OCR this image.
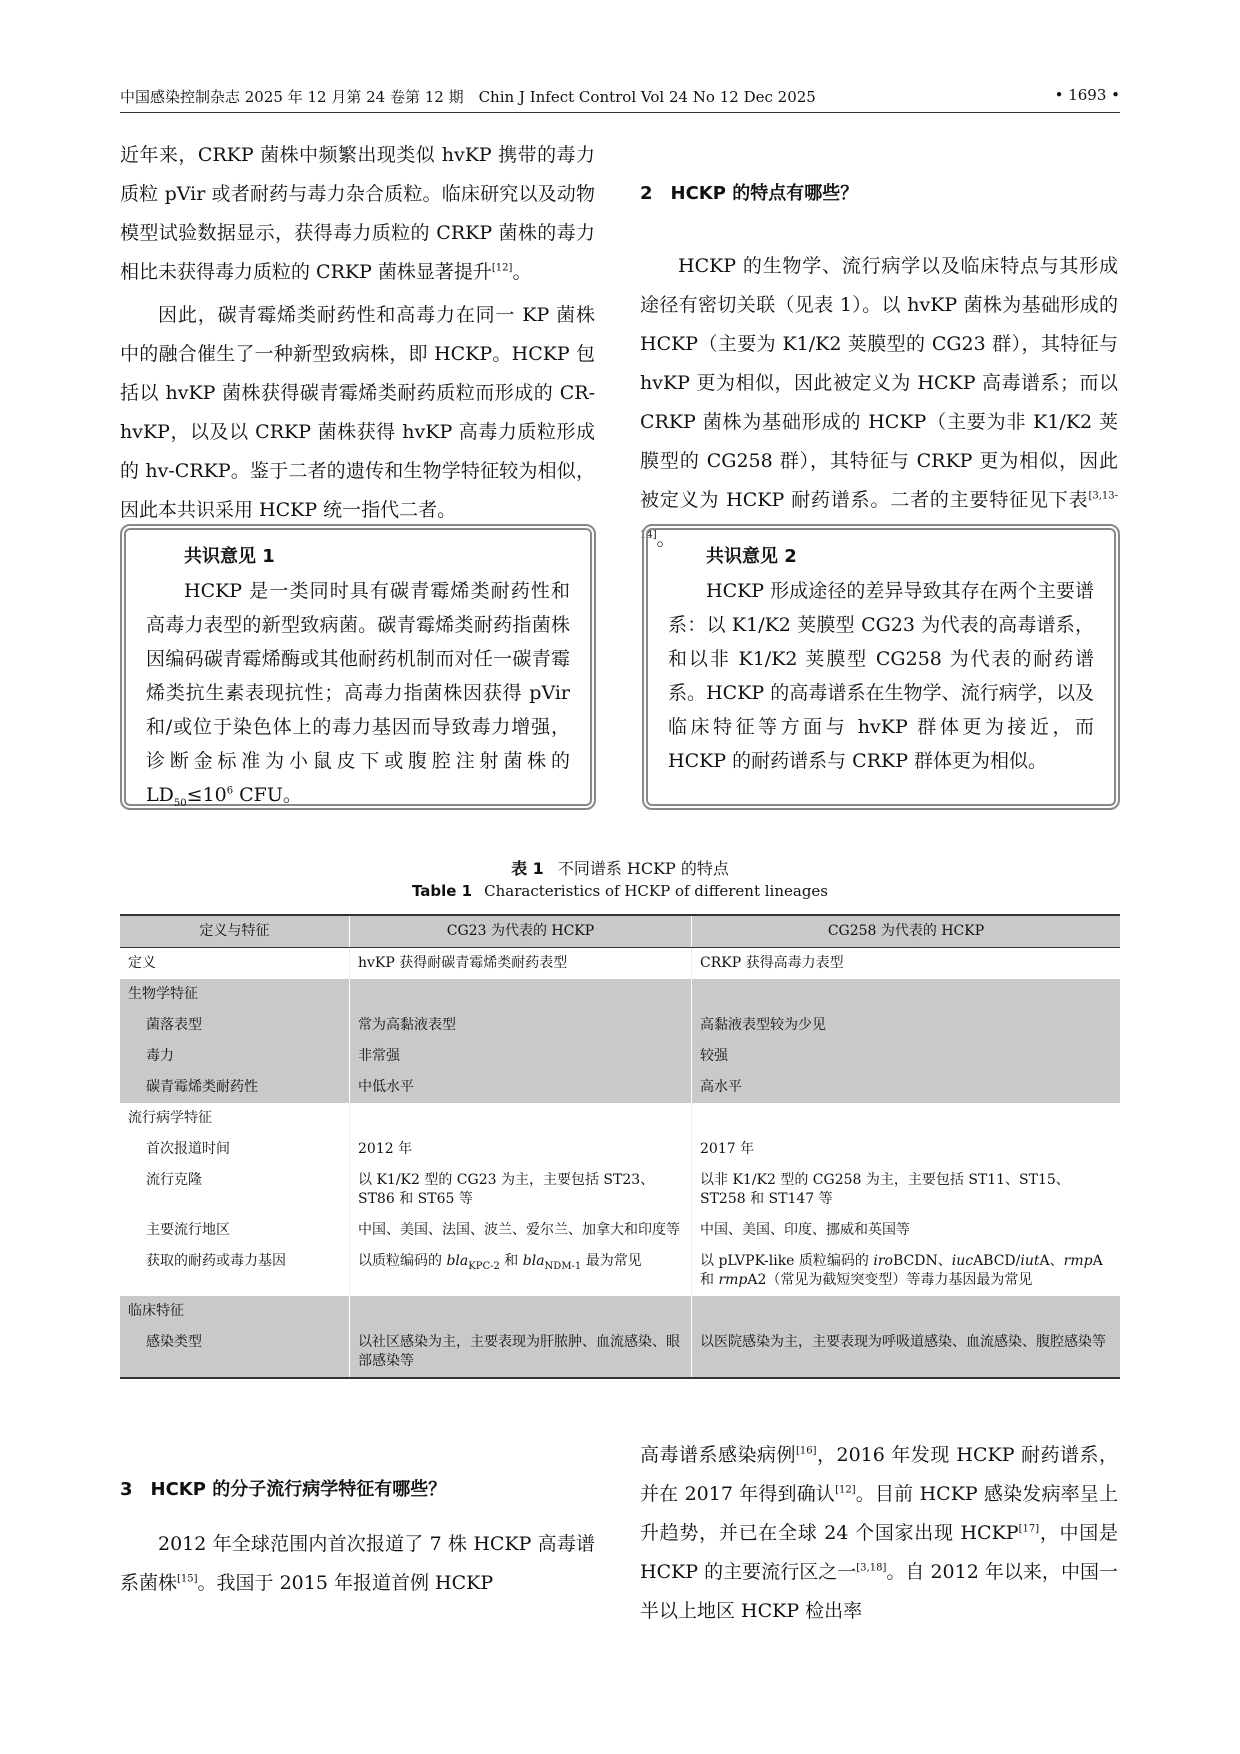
中国感染控制杂志 2025 年 12 月第 24 卷第 12 期　Chin J Infect Control Vol 24 No 12 Dec 2025	• 1693 •

近年来，CRKP 菌株中频繁出现类似 hvKP 携带的毒力质粒 pVir 或者耐药与毒力杂合质粒。临床研究以及动物模型试验数据显示，获得毒力质粒的 CRKP 菌株的毒力相比未获得毒力质粒的 CRKP 菌株显著提升[12]。

因此，碳青霉烯类耐药性和高毒力在同一 KP 菌株中的融合催生了一种新型致病株，即 HCKP。HCKP 包括以 hvKP 菌株获得碳青霉烯类耐药质粒而形成的 CR-hvKP，以及以 CRKP 菌株获得 hvKP 高毒力质粒形成的 hv-CRKP。鉴于二者的遗传和生物学特征较为相似，因此本共识采用 HCKP 统一指代二者。

共识意见 1

HCKP 是一类同时具有碳青霉烯类耐药性和高毒力表型的新型致病菌。碳青霉烯类耐药指菌株因编码碳青霉烯酶或其他耐药机制而对任一碳青霉烯类抗生素表现抗性；高毒力指菌株因获得 pVir 和/或位于染色体上的毒力基因而导致毒力增强，诊断金标准为小鼠皮下或腹腔注射菌株的 $LD_{50}\le 10^6$ CFU。

2　HCKP 的特点有哪些？

HCKP 的生物学、流行病学以及临床特点与其形成途径有密切关联（见表 1）。以 hvKP 菌株为基础形成的 HCKP（主要为 K1/K2 荚膜型的 CG23 群），其特征与 hvKP 更为相似，因此被定义为 HCKP 高毒谱系；而以 CRKP 菌株为基础形成的 HCKP（主要为非 K1/K2 荚膜型的 CG258 群），其特征与 CRKP 更为相似，因此被定义为 HCKP 耐药谱系。二者的主要特征见下表[3,13-14]。

共识意见 2

HCKP 形成途径的差异导致其存在两个主要谱系：以 K1/K2 荚膜型 CG23 为代表的高毒谱系，和以非 K1/K2 荚膜型 CG258 为代表的耐药谱系。HCKP 的高毒谱系在生物学、流行病学，以及临床特征等方面与 hvKP 群体更为接近，而 HCKP 的耐药谱系与 CRKP 群体更为相似。

表 1 不同谱系 HCKP 的特点
Table 1 Characteristics of HCKP of different lineages
定义与特征	CG23 为代表的 HCKP	CG258 为代表的 HCKP
定义	hvKP 获得耐碳青霉烯类耐药表型	CRKP 获得高毒力表型
生物学特征		
菌落表型	常为高黏液表型	高黏液表型较为少见
毒力	非常强	较强
碳青霉烯类耐药性	中低水平	高水平
流行病学特征		
首次报道时间	2012 年	2017 年
流行克隆	以 K1/K2 型的 CG23 为主，主要包括 ST23、ST86 和 ST65 等	以非 K1/K2 型的 CG258 为主，主要包括 ST11、ST15、ST258 和 ST147 等
主要流行地区	中国、美国、法国、波兰、爱尔兰、加拿大和印度等	中国、美国、印度、挪威和英国等
获取的耐药或毒力基因	以质粒编码的 bla$_{KPC-2}$ 和 bla$_{NDM-1}$ 最为常见	以 pLVPK-like 质粒编码的 iroBCDN、iucABCD/iutA、rmpA 和 rmpA2（常见为截短突变型）等毒力基因最为常见
临床特征		
感染类型	以社区感染为主，主要表现为肝脓肿、血流感染、眼部感染等	以医院感染为主，主要表现为呼吸道感染、血流感染、腹腔感染等
3　HCKP 的分子流行病学特征有哪些？

2012 年全球范围内首次报道了 7 株 HCKP 高毒谱系菌株[15]。我国于 2015 年报道首例 HCKP

高毒谱系感染病例[16]，2016 年发现 HCKP 耐药谱系，并在 2017 年得到确认[12]。目前 HCKP 感染发病率呈上升趋势，并已在全球 24 个国家出现 HCKP[17]，中国是 HCKP 的主要流行区之一[3,18]。自 2012 年以来，中国一半以上地区 HCKP 检出率
